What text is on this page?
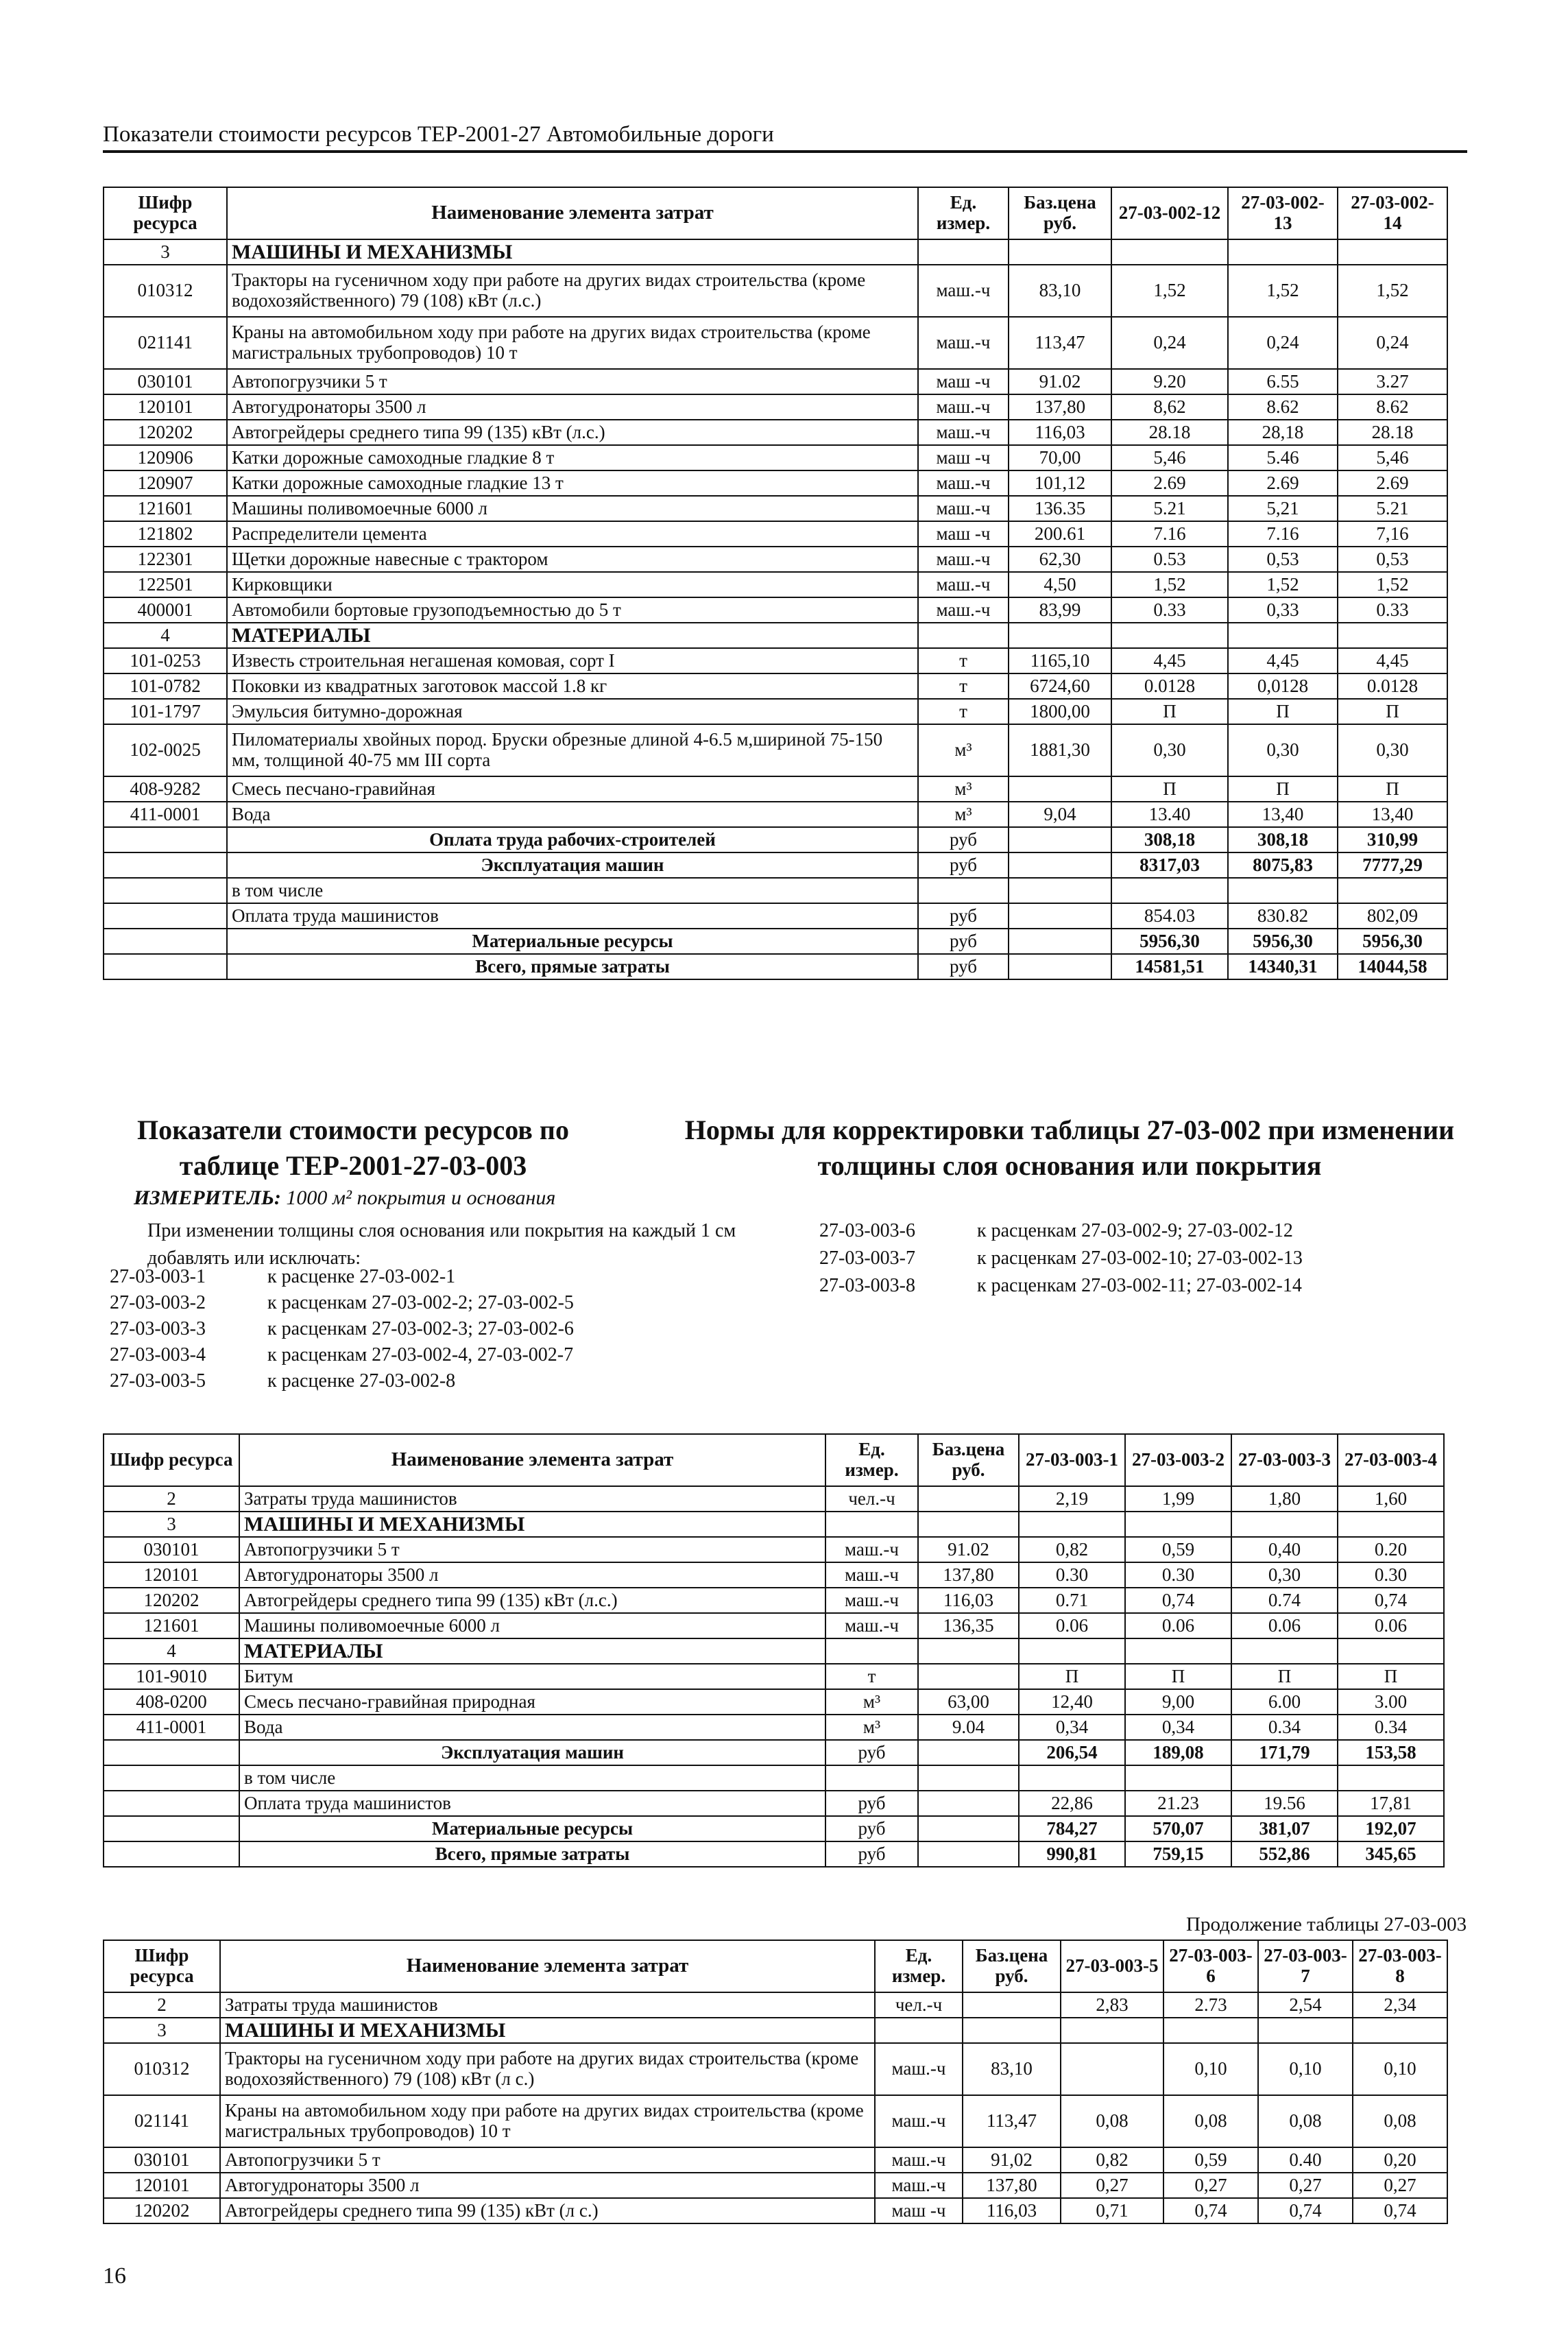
Показатели стоимости ресурсов ТЕР-2001-27 Автомобильные дороги
Шифр ресурса	Наименование элемента затрат	Ед. измер.	Баз.цена руб.	27-03-002-12	27-03-002-13	27-03-002-14
3	МАШИНЫ И МЕХАНИЗМЫ					
010312	Тракторы на гусеничном ходу при работе на других видах строительства (кроме водохозяйственного) 79 (108) кВт (л.с.)	маш.-ч	83,10	1,52	1,52	1,52
021141	Краны на автомобильном ходу при работе на других видах строительства (кроме магистральных трубопроводов) 10 т	маш.-ч	113,47	0,24	0,24	0,24
030101	Автопогрузчики 5 т	маш -ч	91.02	9.20	6.55	3.27
120101	Автогудронаторы 3500 л	маш.-ч	137,80	8,62	8.62	8.62
120202	Автогрейдеры среднего типа 99 (135) кВт (л.с.)	маш.-ч	116,03	28.18	28,18	28.18
120906	Катки дорожные самоходные гладкие 8 т	маш -ч	70,00	5,46	5.46	5,46
120907	Катки дорожные самоходные гладкие 13 т	маш.-ч	101,12	2.69	2.69	2.69
121601	Машины поливомоечные 6000 л	маш.-ч	136.35	5.21	5,21	5.21
121802	Распределители цемента	маш -ч	200.61	7.16	7.16	7,16
122301	Щетки дорожные навесные с трактором	маш.-ч	62,30	0.53	0,53	0,53
122501	Кирковщики	маш.-ч	4,50	1,52	1,52	1,52
400001	Автомобили бортовые грузоподъемностью до 5 т	маш.-ч	83,99	0.33	0,33	0.33
4	МАТЕРИАЛЫ					
101-0253	Известь строительная негашеная комовая, сорт I	т	1165,10	4,45	4,45	4,45
101-0782	Поковки из квадратных заготовок массой 1.8 кг	т	6724,60	0.0128	0,0128	0.0128
101-1797	Эмульсия битумно-дорожная	т	1800,00	П	П	П
102-0025	Пиломатериалы хвойных пород. Бруски обрезные длиной 4-6.5 м,шириной 75-150 мм, толщиной 40-75 мм III сорта	м³	1881,30	0,30	0,30	0,30
408-9282	Смесь песчано-гравийная	м³		П	П	П
411-0001	Вода	м³	9,04	13.40	13,40	13,40
	Оплата труда рабочих-строителей	руб		308,18	308,18	310,99
	Эксплуатация машин	руб		8317,03	8075,83	7777,29
	в том числе					
	Оплата труда машинистов	руб		854.03	830.82	802,09
	Материальные ресурсы	руб		5956,30	5956,30	5956,30
	Всего, прямые затраты	руб		14581,51	14340,31	14044,58
Показатели стоимости ресурсов по таблице ТЕР-2001-27-03-003
Нормы для корректировки таблицы 27-03-002 при изменении толщины слоя основания или покрытия
ИЗМЕРИТЕЛЬ: 1000 м² покрытия и основания
При изменении толщины слоя основания или покрытия на каждый 1 см добавлять или исключать:
27-03-003-1	к расценке 27-03-002-1
27-03-003-2	к расценкам 27-03-002-2; 27-03-002-5
27-03-003-3	к расценкам 27-03-002-3; 27-03-002-6
27-03-003-4	к расценкам 27-03-002-4, 27-03-002-7
27-03-003-5	к расценке 27-03-002-8
27-03-003-6	к расценкам 27-03-002-9; 27-03-002-12
27-03-003-7	к расценкам 27-03-002-10; 27-03-002-13
27-03-003-8	к расценкам 27-03-002-11; 27-03-002-14
Шифр ресурса	Наименование элемента затрат	Ед. измер.	Баз.цена руб.	27-03-003-1	27-03-003-2	27-03-003-3	27-03-003-4
2	Затраты труда машинистов	чел.-ч		2,19	1,99	1,80	1,60
3	МАШИНЫ И МЕХАНИЗМЫ						
030101	Автопогрузчики 5 т	маш.-ч	91.02	0,82	0,59	0,40	0.20
120101	Автогудронаторы 3500 л	маш.-ч	137,80	0.30	0.30	0,30	0.30
120202	Автогрейдеры среднего типа 99 (135) кВт (л.с.)	маш.-ч	116,03	0.71	0,74	0.74	0,74
121601	Машины поливомоечные 6000 л	маш.-ч	136,35	0.06	0.06	0.06	0.06
4	МАТЕРИАЛЫ						
101-9010	Битум	т		П	П	П	П
408-0200	Смесь песчано-гравийная природная	м³	63,00	12,40	9,00	6.00	3.00
411-0001	Вода	м³	9.04	0,34	0,34	0.34	0.34
	Эксплуатация машин	руб		206,54	189,08	171,79	153,58
	в том числе						
	Оплата труда машинистов	руб		22,86	21.23	19.56	17,81
	Материальные ресурсы	руб		784,27	570,07	381,07	192,07
	Всего, прямые затраты	руб		990,81	759,15	552,86	345,65
Продолжение таблицы 27-03-003
Шифр ресурса	Наименование элемента затрат	Ед. измер.	Баз.цена руб.	27-03-003-5	27-03-003-6	27-03-003-7	27-03-003-8
2	Затраты труда машинистов	чел.-ч		2,83	2.73	2,54	2,34
3	МАШИНЫ И МЕХАНИЗМЫ						
010312	Тракторы на гусеничном ходу при работе на других видах строительства (кроме водохозяйственного) 79 (108) кВт (л с.)	маш.-ч	83,10		0,10	0,10	0,10
021141	Краны на автомобильном ходу при работе на других видах строительства (кроме магистральных трубопроводов) 10 т	маш.-ч	113,47	0,08	0,08	0,08	0,08
030101	Автопогрузчики 5 т	маш.-ч	91,02	0,82	0,59	0.40	0,20
120101	Автогудронаторы 3500 л	маш.-ч	137,80	0,27	0,27	0,27	0,27
120202	Автогрейдеры среднего типа 99 (135) кВт (л с.)	маш -ч	116,03	0,71	0,74	0,74	0,74
16
